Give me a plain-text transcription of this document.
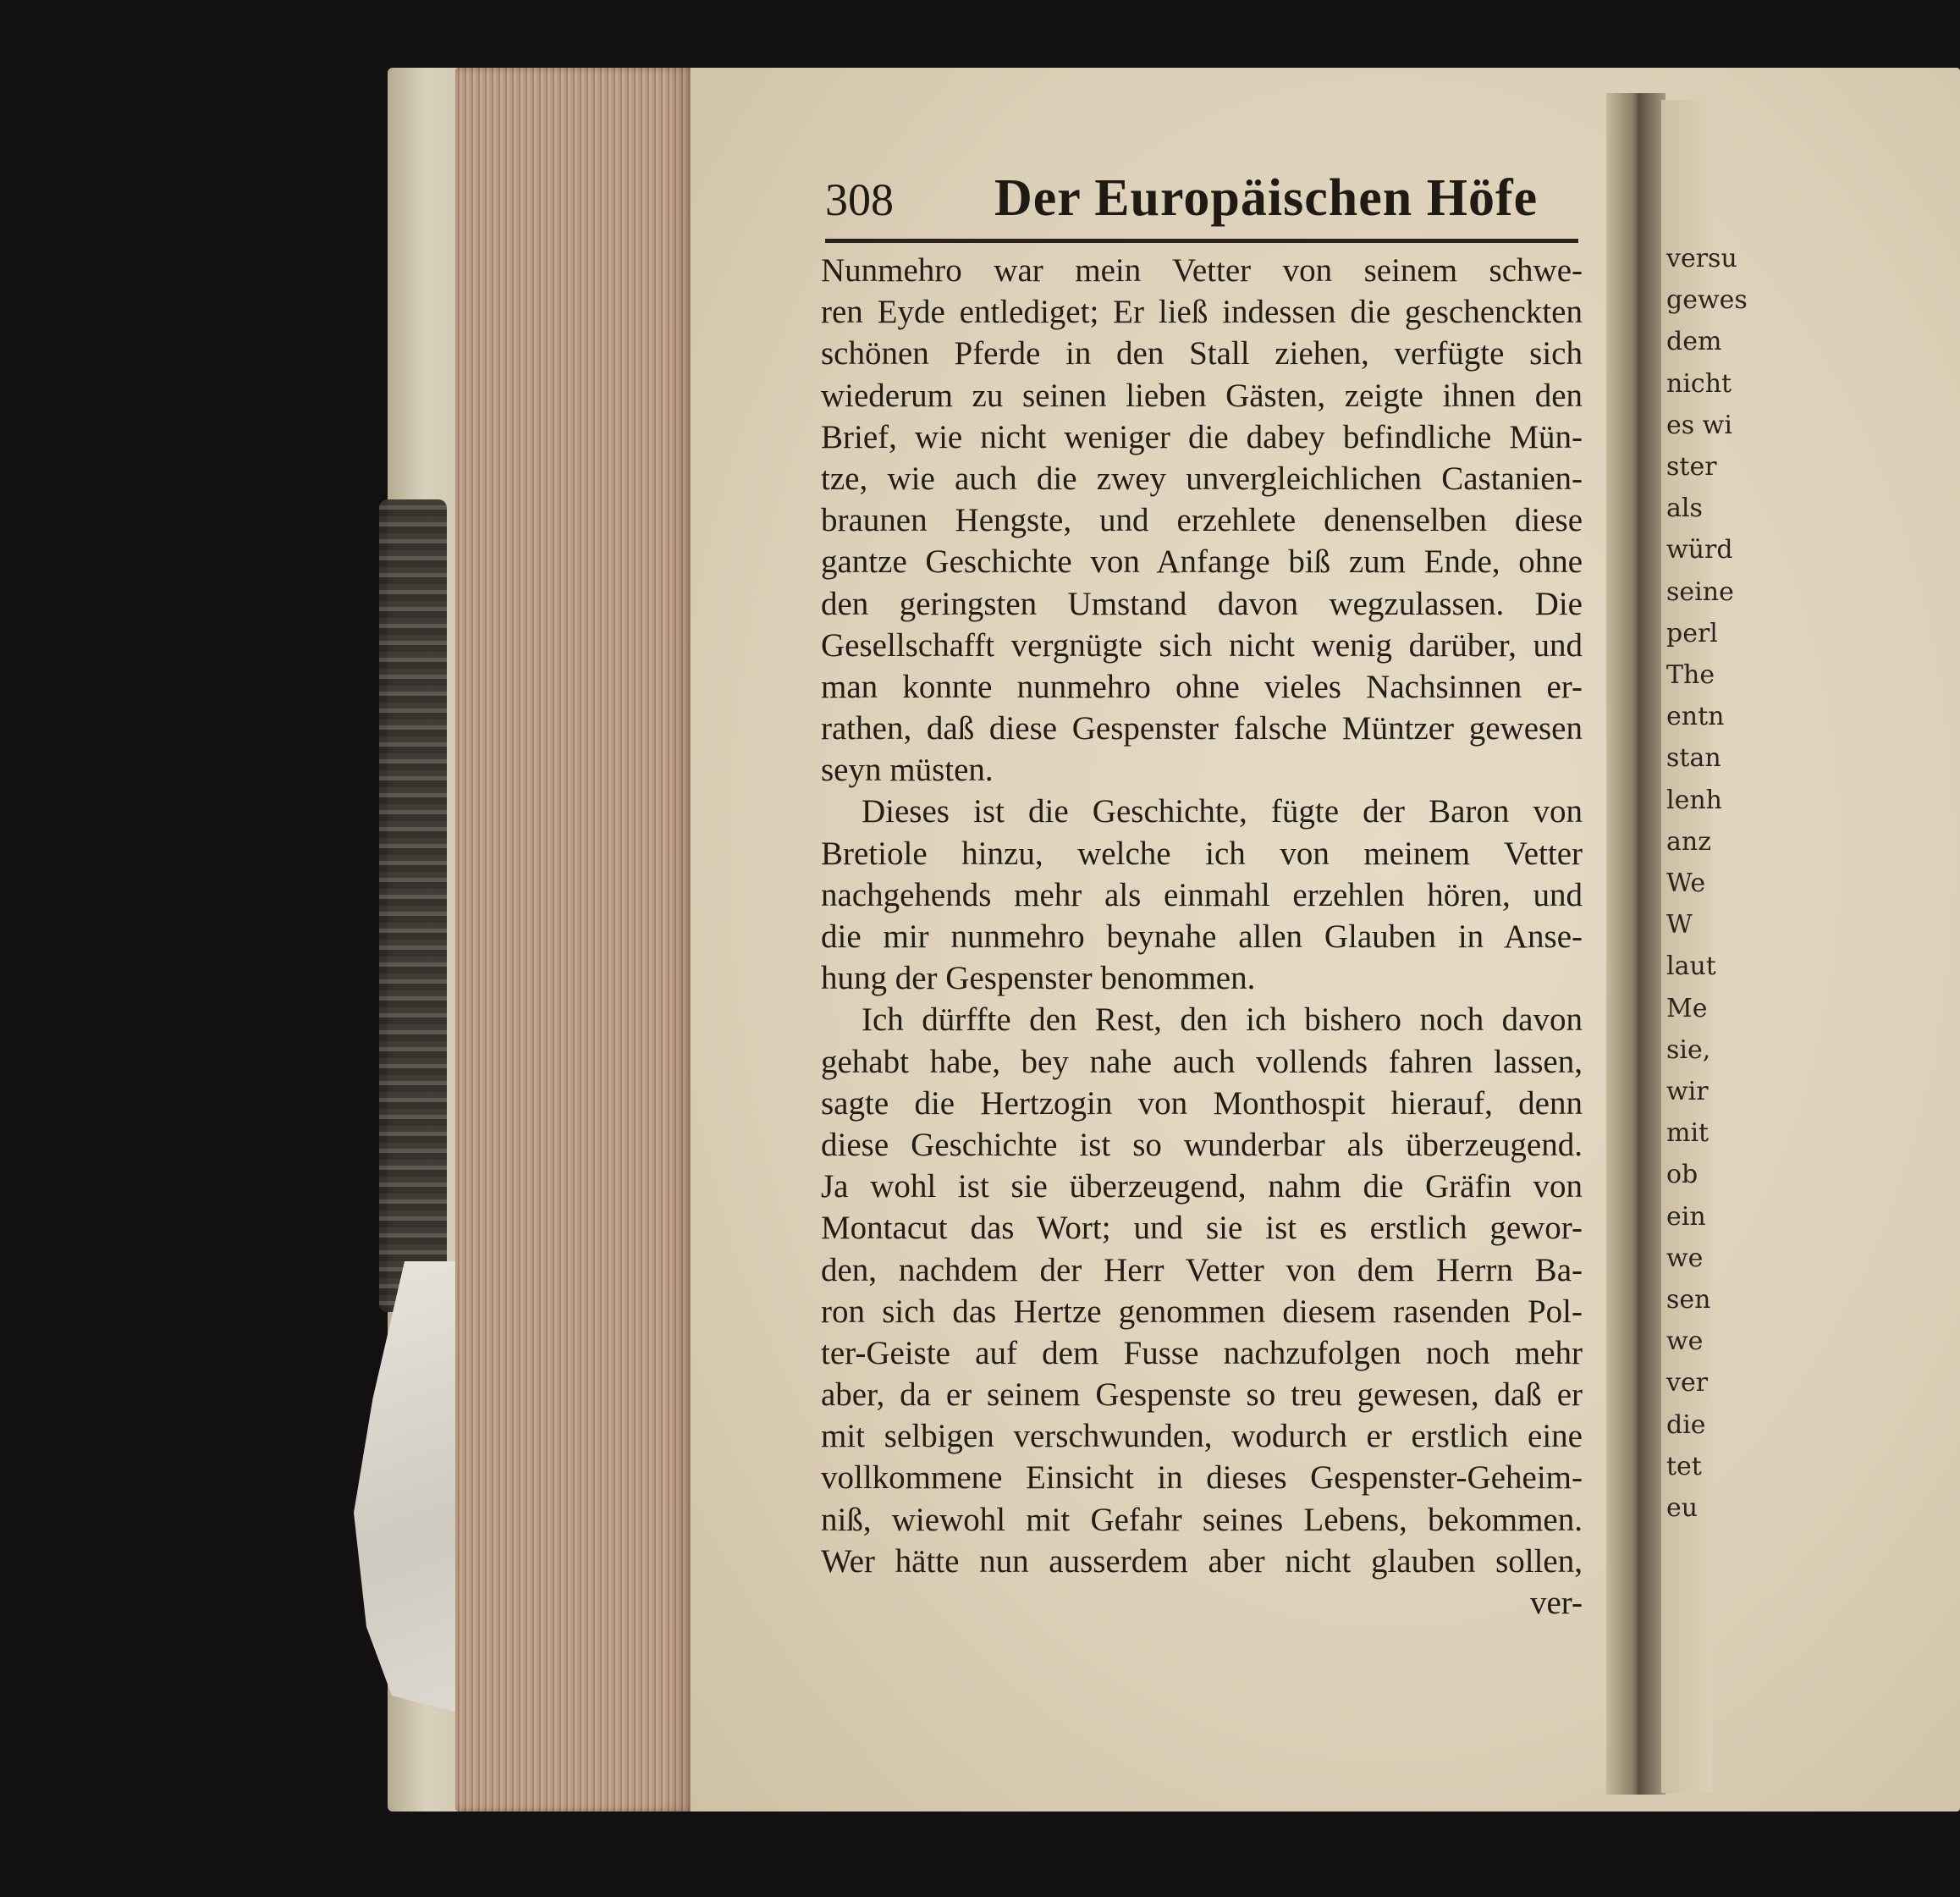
versu
gewes
dem
nicht
es wi
ster
als
würd
seine
perl
The
entn
stan
lenh
anz
We
W
laut
Me
sie,
wir
mit
ob
ein
we
sen
we
ver
die
tet
eu
308 Der Europäischen Höfe
Nunmehro war mein Vetter von seinem schwe-
ren Eyde entlediget; Er ließ indessen die geschenckten
schönen Pferde in den Stall ziehen, verfügte sich
wiederum zu seinen lieben Gästen, zeigte ihnen den
Brief, wie nicht weniger die dabey befindliche Mün-
tze, wie auch die zwey unvergleichlichen Castanien-
braunen Hengste, und erzehlete denenselben diese
gantze Geschichte von Anfange biß zum Ende, ohne
den geringsten Umstand davon wegzulassen. Die
Gesellschafft vergnügte sich nicht wenig darüber, und
man konnte nunmehro ohne vieles Nachsinnen er-
rathen, daß diese Gespenster falsche Müntzer gewesen
seyn müsten.
Dieses ist die Geschichte, fügte der Baron von
Bretiole hinzu, welche ich von meinem Vetter
nachgehends mehr als einmahl erzehlen hören, und
die mir nunmehro beynahe allen Glauben in Anse-
hung der Gespenster benommen.
Ich dürffte den Rest, den ich bishero noch davon
gehabt habe, bey nahe auch vollends fahren lassen,
sagte die Hertzogin von Monthospit hierauf, denn
diese Geschichte ist so wunderbar als überzeugend.
Ja wohl ist sie überzeugend, nahm die Gräfin von
Montacut das Wort; und sie ist es erstlich gewor-
den, nachdem der Herr Vetter von dem Herrn Ba-
ron sich das Hertze genommen diesem rasenden Pol-
ter-Geiste auf dem Fusse nachzufolgen noch mehr
aber, da er seinem Gespenste so treu gewesen, daß er
mit selbigen verschwunden, wodurch er erstlich eine
vollkommene Einsicht in dieses Gespenster-Geheim-
niß, wiewohl mit Gefahr seines Lebens, bekommen.
Wer hätte nun ausserdem aber nicht glauben sollen,
ver-
